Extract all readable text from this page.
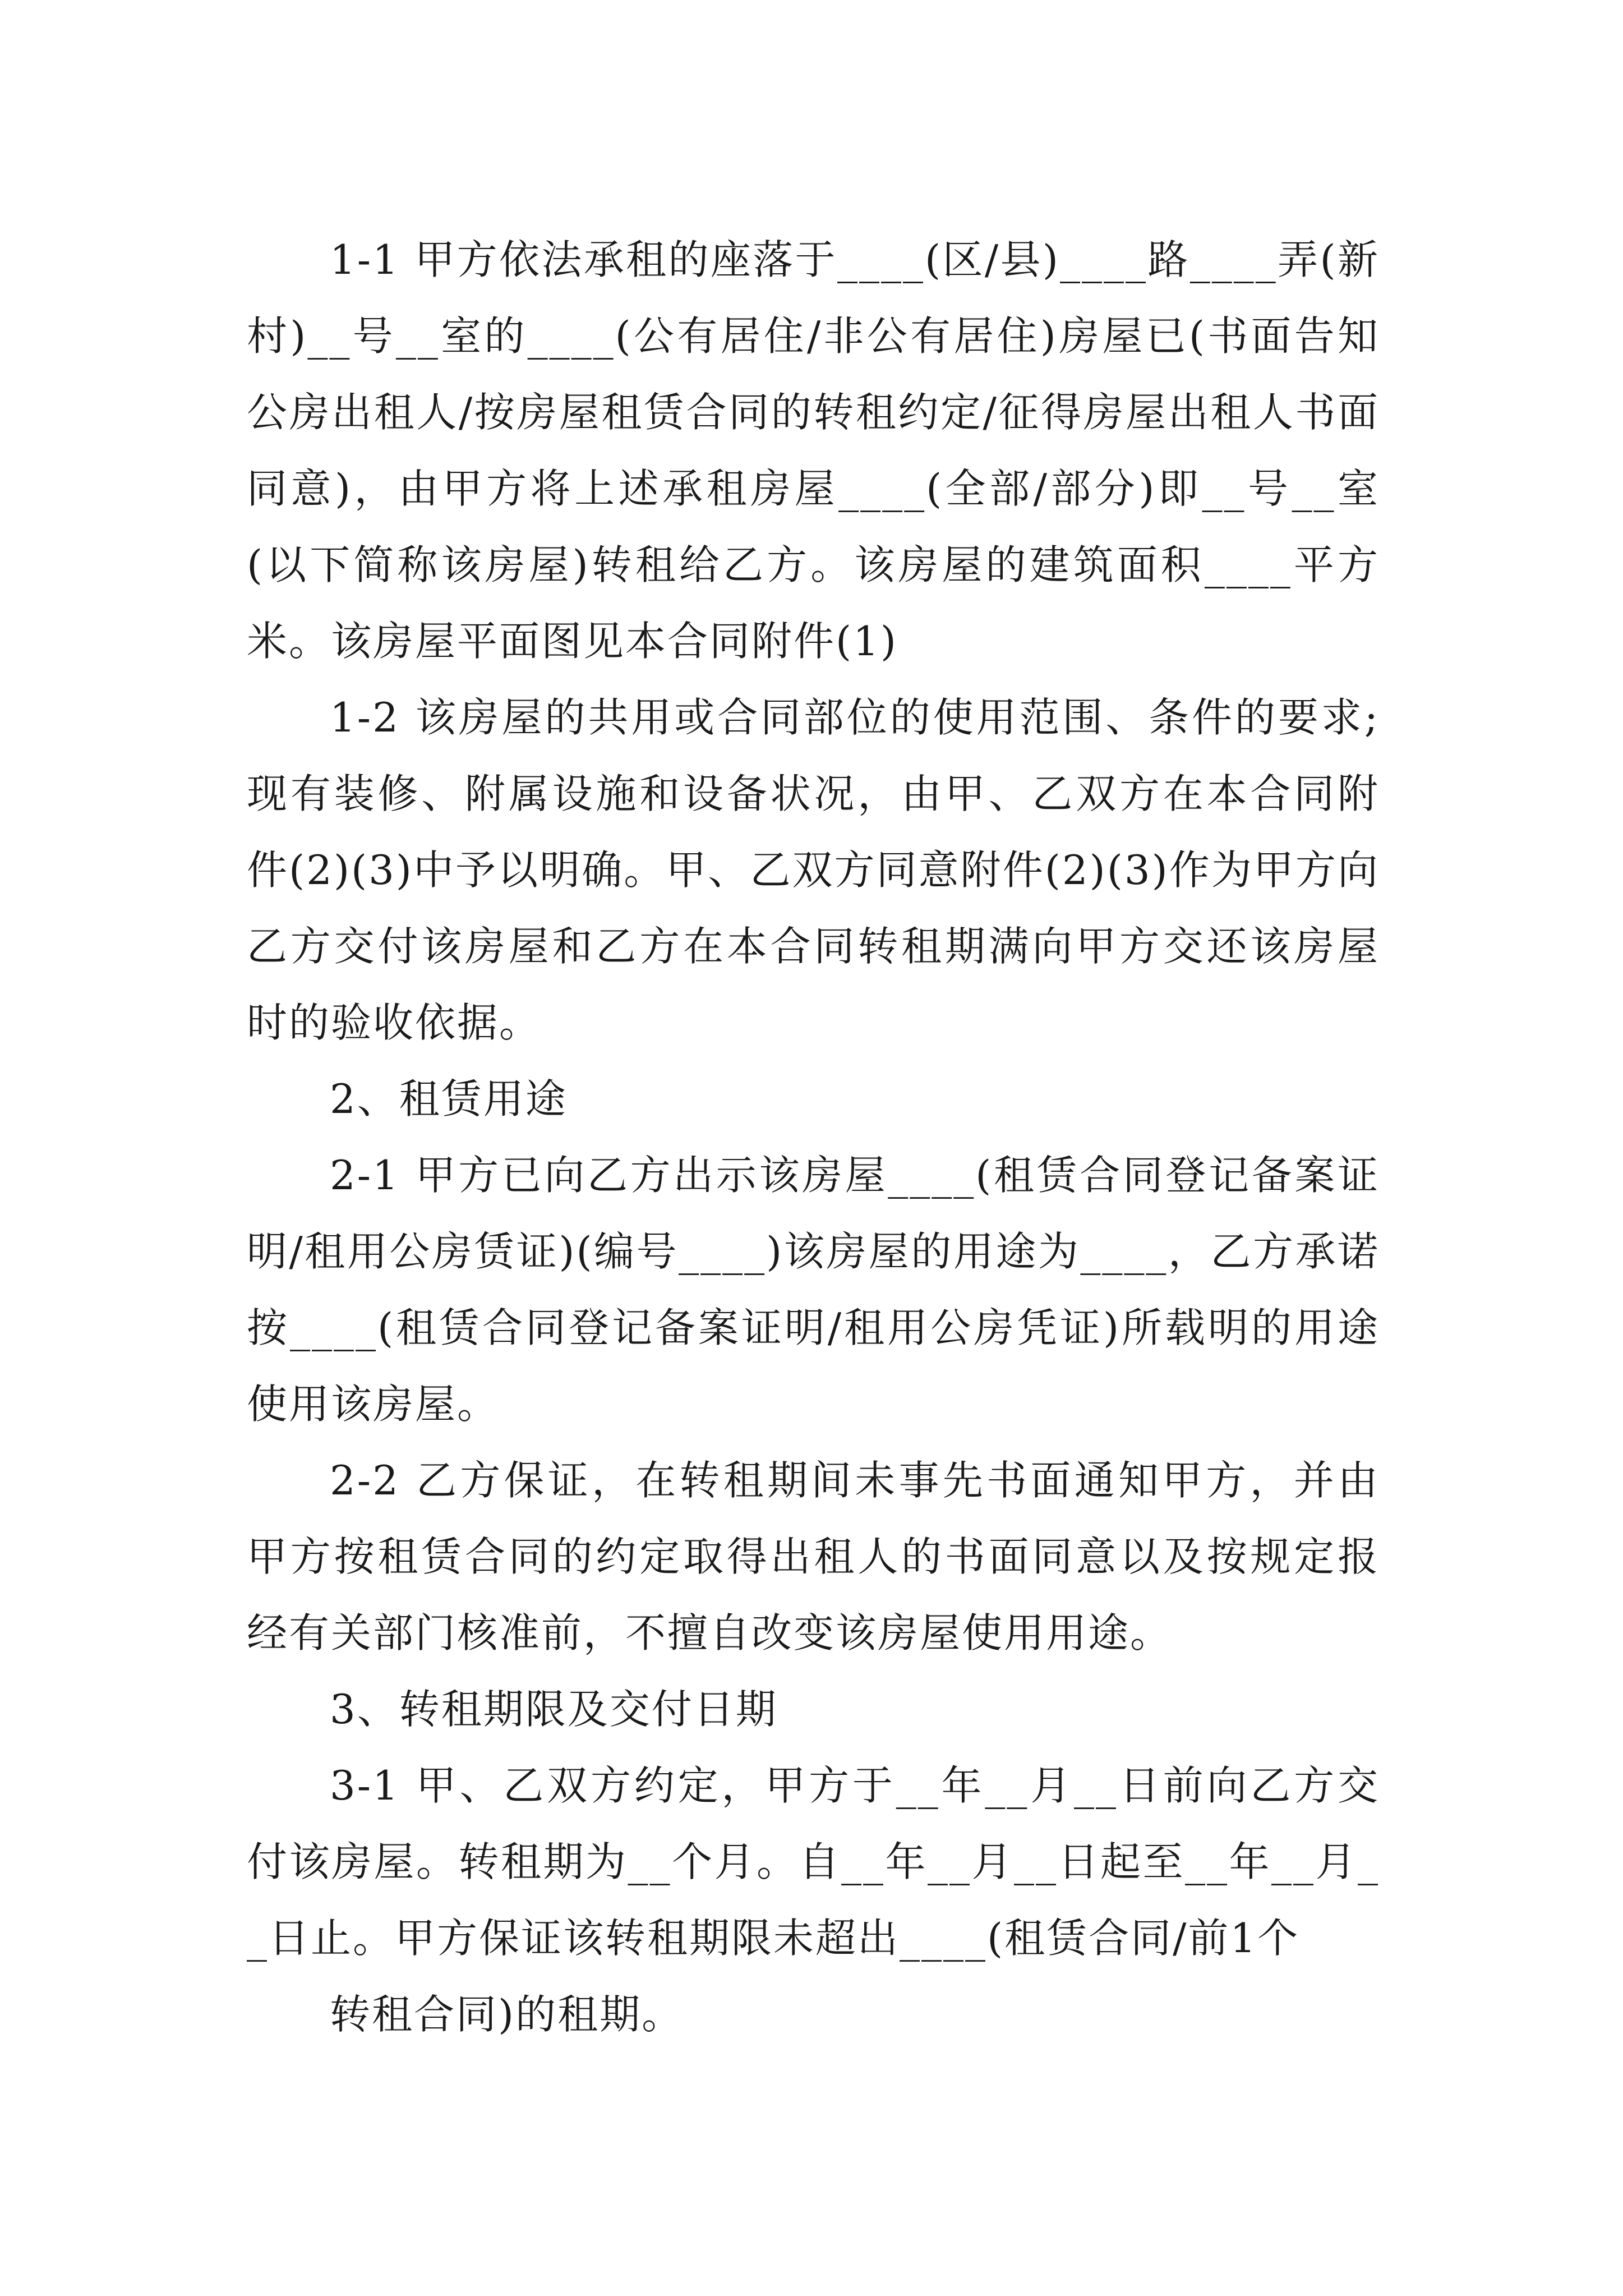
1-1 甲方依法承租的座落于____(区/县)____路____弄(新村)__号__室的____(公有居住/非公有居住)房屋已(书面告知公房出租人/按房屋租赁合同的转租约定/征得房屋出租人书面同意)，由甲方将上述承租房屋____(全部/部分)即__号__室(以下简称该房屋)转租给乙方。该房屋的建筑面积____平方米。该房屋平面图见本合同附件(1)

1-2 该房屋的共用或合同部位的使用范围、条件的要求;现有装修、附属设施和设备状况，由甲、乙双方在本合同附件(2)(3)中予以明确。甲、乙双方同意附件(2)(3)作为甲方向乙方交付该房屋和乙方在本合同转租期满向甲方交还该房屋时的验收依据。

2、租赁用途

2-1 甲方已向乙方出示该房屋____(租赁合同登记备案证明/租用公房赁证)(编号____)该房屋的用途为____，乙方承诺按____(租赁合同登记备案证明/租用公房凭证)所载明的用途使用该房屋。

2-2 乙方保证，在转租期间未事先书面通知甲方，并由甲方按租赁合同的约定取得出租人的书面同意以及按规定报经有关部门核准前，不擅自改变该房屋使用用途。

3、转租期限及交付日期

3-1 甲、乙双方约定，甲方于__年__月__日前向乙方交付该房屋。转租期为__个月。自__年__月__日起至__年__月__日止。甲方保证该转租期限未超出____(租赁合同/前1个

转租合同)的租期。
